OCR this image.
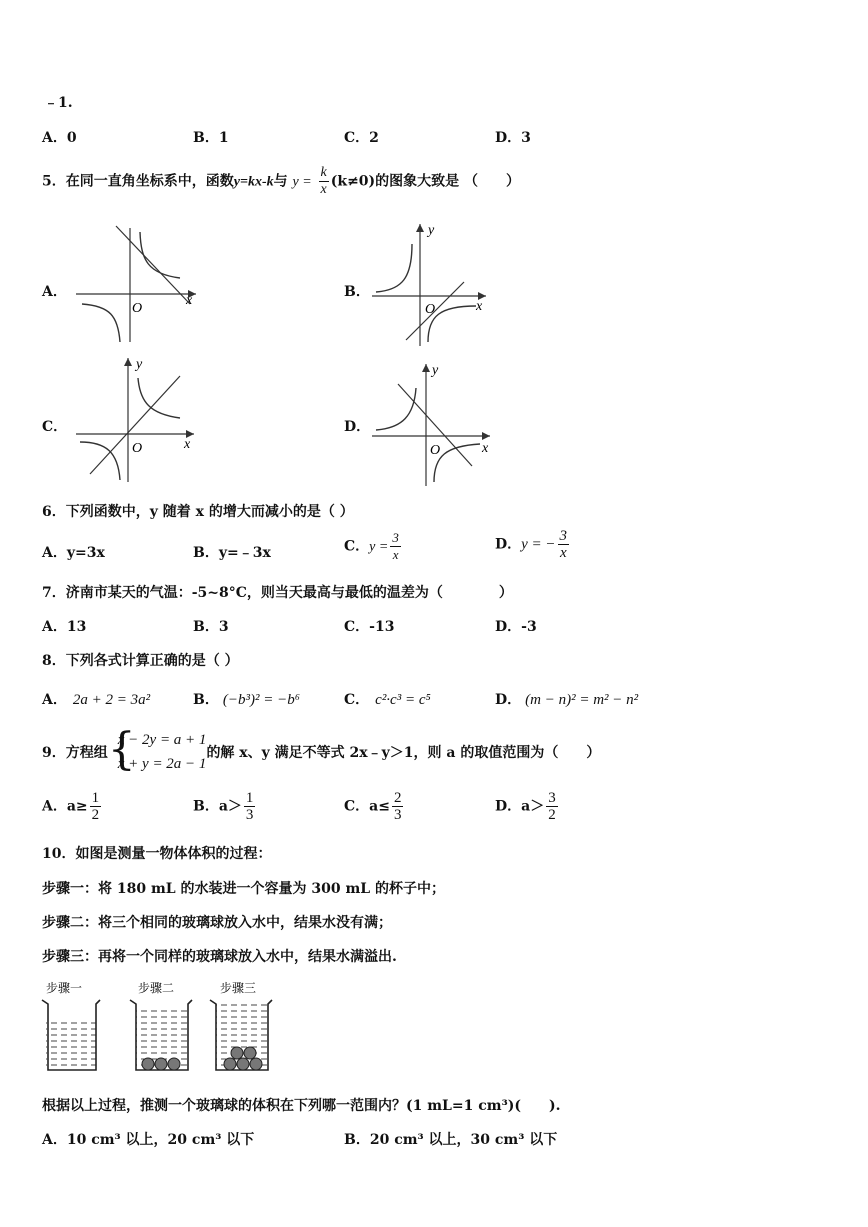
﹣1.
A．0	B．1	C．2	D．3
5．在同一直角坐标系中，函数y=kx-k与 $y = \frac{k}{x} (k\ne 0)$的图象大致是 （　　）
A．	B．
C．	D．
O
x
O	x
y
O	x
y
O	x
y
6．下列函数中，y 随着 x 的增大而减小的是（ ）
A．y=3x	B．y=﹣3x	C．$y = \frac{3}{x}$	D．y = − $\frac{3}{x}$
7．济南市某天的气温：-5~8°C，则当天最高与最低的温差为（　　　　）
A．13	B．3	C．-13	D．-3
8．下列各式计算正确的是（ ）
A． 2a + 2 = 3a²	B． (−b³)² = −b⁶	C． c²·c³ = c⁵	D． (m − n)² = m² − n²
9．方程组 {
x − 2y = a + 1
x + y = 2a − 1
的解 x、y 满足不等式 2x﹣y＞1，则 a 的取值范围为（　　）
A．$a\ge \frac{1}{2}$	B．$a> \frac{1}{3}$	C．$a\le \frac{2}{3}$	D．$a> \frac{3}{2}$
10．如图是测量一物体体积的过程：
步骤一：将 180 mL 的水装进一个容量为 300 mL 的杯子中；
步骤二：将三个相同的玻璃球放入水中，结果水没有满；
步骤三：再将一个同样的玻璃球放入水中，结果水满溢出.
步骤一	步骤二	步骤三
根据以上过程，推测一个玻璃球的体积在下列哪一范围内？(1 mL=1 cm³)(　　).
A．10 cm³ 以上，20 cm³ 以下	B．20 cm³ 以上，30 cm³ 以下
